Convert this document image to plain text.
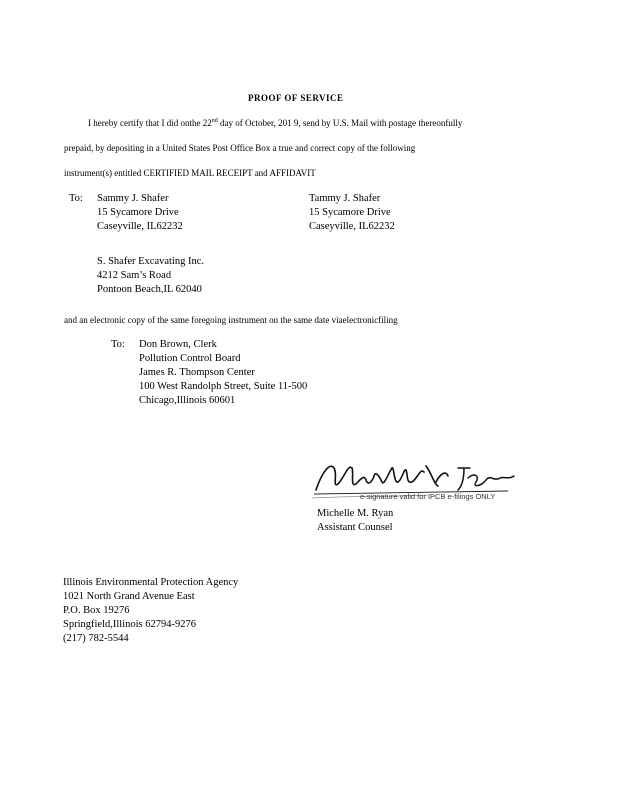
PROOF OF SERVICE
I hereby certify that I did onthe 22nd day of October, 201 9, send by U.S. Mail with postage thereonfully
prepaid, by depositing in a United States Post Office Box a true and correct copy of the following
instrument(s) entitled CERTIFIED MAIL RECEIPT and AFFIDAVIT
To: Sammy J. Shafer
15 Sycamore Drive
Caseyville, IL62232
Tammy J. Shafer
15 Sycamore Drive
Caseyville, IL62232
S. Shafer Excavating Inc.
4212 Sam’s Road
Pontoon Beach,IL 62040
and an electronic copy of the same foregoing instrument on the same date viaelectronicfiling
To: Don Brown, Clerk
Pollution Control Board
James R. Thompson Center
100 West Randolph Street, Suite 11-500
Chicago,Illinois 60601
e-signature valid for IPCB e-filings ONLY
Michelle M. Ryan
Assistant Counsel
Illinois Environmental Protection Agency
1021 North Grand Avenue East
P.O. Box 19276
Springfield,Illinois 62794-9276
(217) 782-5544
